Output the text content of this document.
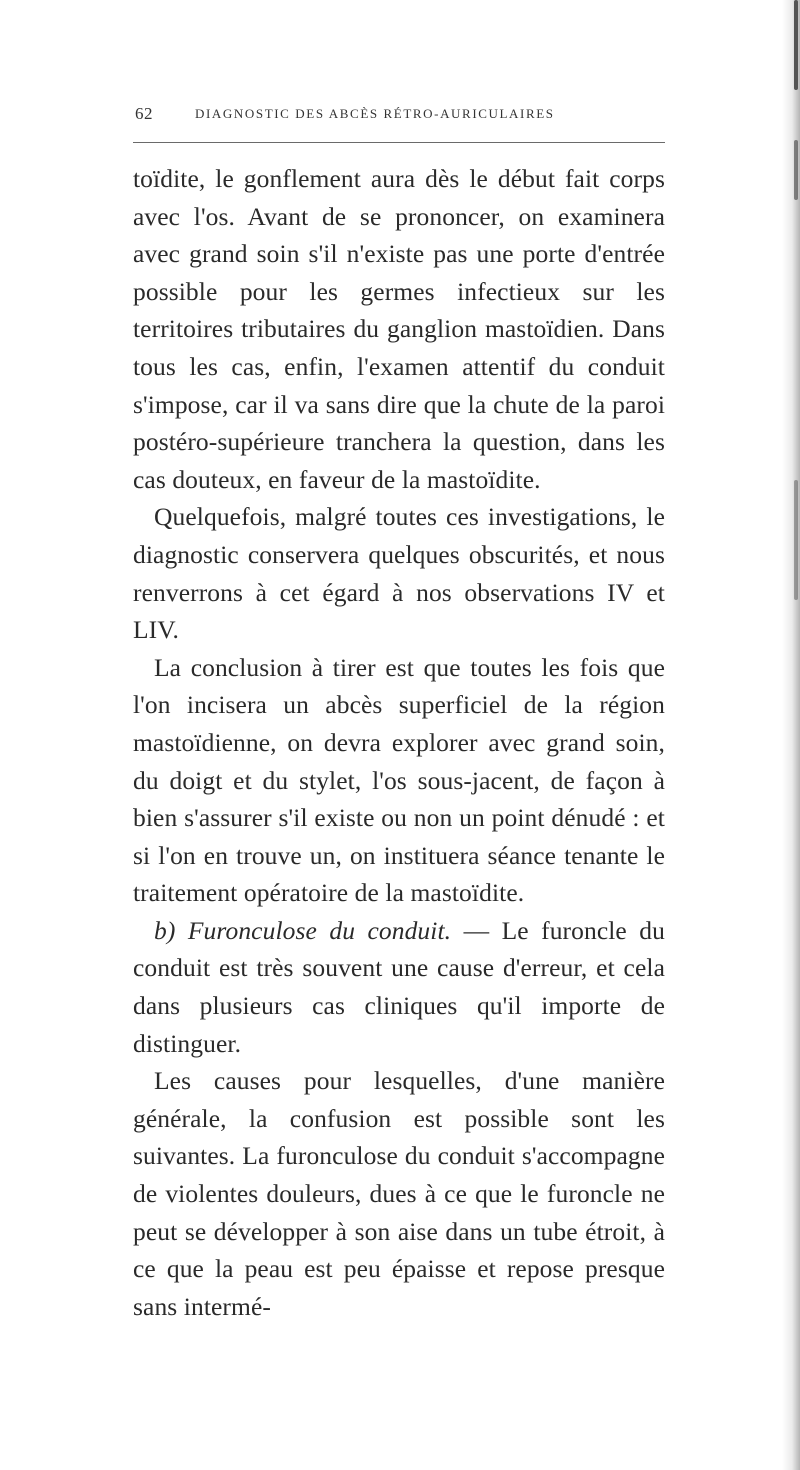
62	DIAGNOSTIC DES ABCÈS RÉTRO-AURICULAIRES

toïdite, le gonflement aura dès le début fait corps avec l'os. Avant de se prononcer, on examinera avec grand soin s'il n'existe pas une porte d'entrée possible pour les germes infectieux sur les territoires tributaires du ganglion mastoïdien. Dans tous les cas, enfin, l'examen attentif du conduit s'impose, car il va sans dire que la chute de la paroi postéro-supérieure tranchera la question, dans les cas douteux, en faveur de la mastoïdite.

Quelquefois, malgré toutes ces investigations, le diagnostic conservera quelques obscurités, et nous renverrons à cet égard à nos observations IV et LIV.

La conclusion à tirer est que toutes les fois que l'on incisera un abcès superficiel de la région mastoïdienne, on devra explorer avec grand soin, du doigt et du stylet, l'os sous-jacent, de façon à bien s'assurer s'il existe ou non un point dénudé : et si l'on en trouve un, on instituera séance tenante le traitement opératoire de la mastoïdite.

b) Furonculose du conduit. — Le furoncle du conduit est très souvent une cause d'erreur, et cela dans plusieurs cas cliniques qu'il importe de distinguer.

Les causes pour lesquelles, d'une manière générale, la confusion est possible sont les suivantes. La furonculose du conduit s'accompagne de violentes douleurs, dues à ce que le furoncle ne peut se développer à son aise dans un tube étroit, à ce que la peau est peu épaisse et repose presque sans intermé-
